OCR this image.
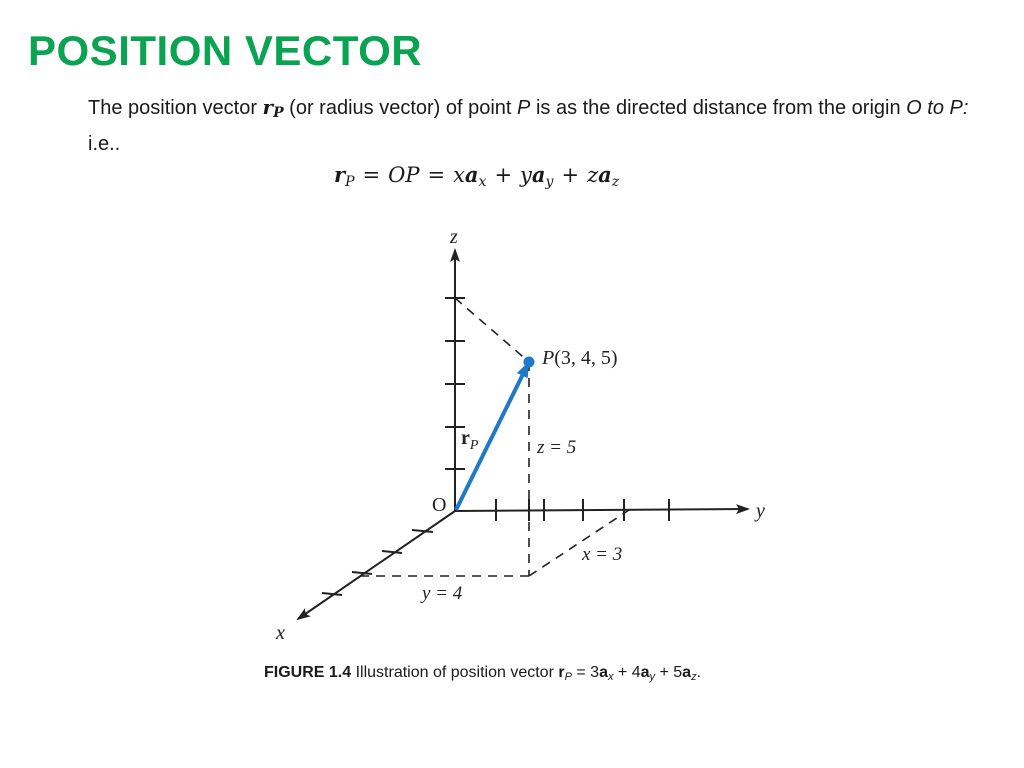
POSITION VECTOR

The position vector $r_P$ (or radius vector) of point P is as the directed distance from the origin O to P: i.e..

$r_P$ = OP = $xa_x + ya_y + za_z$
z
y
x
O
P(3, 4, 5)
$r_P$	z = 5
x = 3
y = 4
FIGURE 1.4 Illustration of position vector $r_P = 3a_x + 4a_y + 5a_z$.
